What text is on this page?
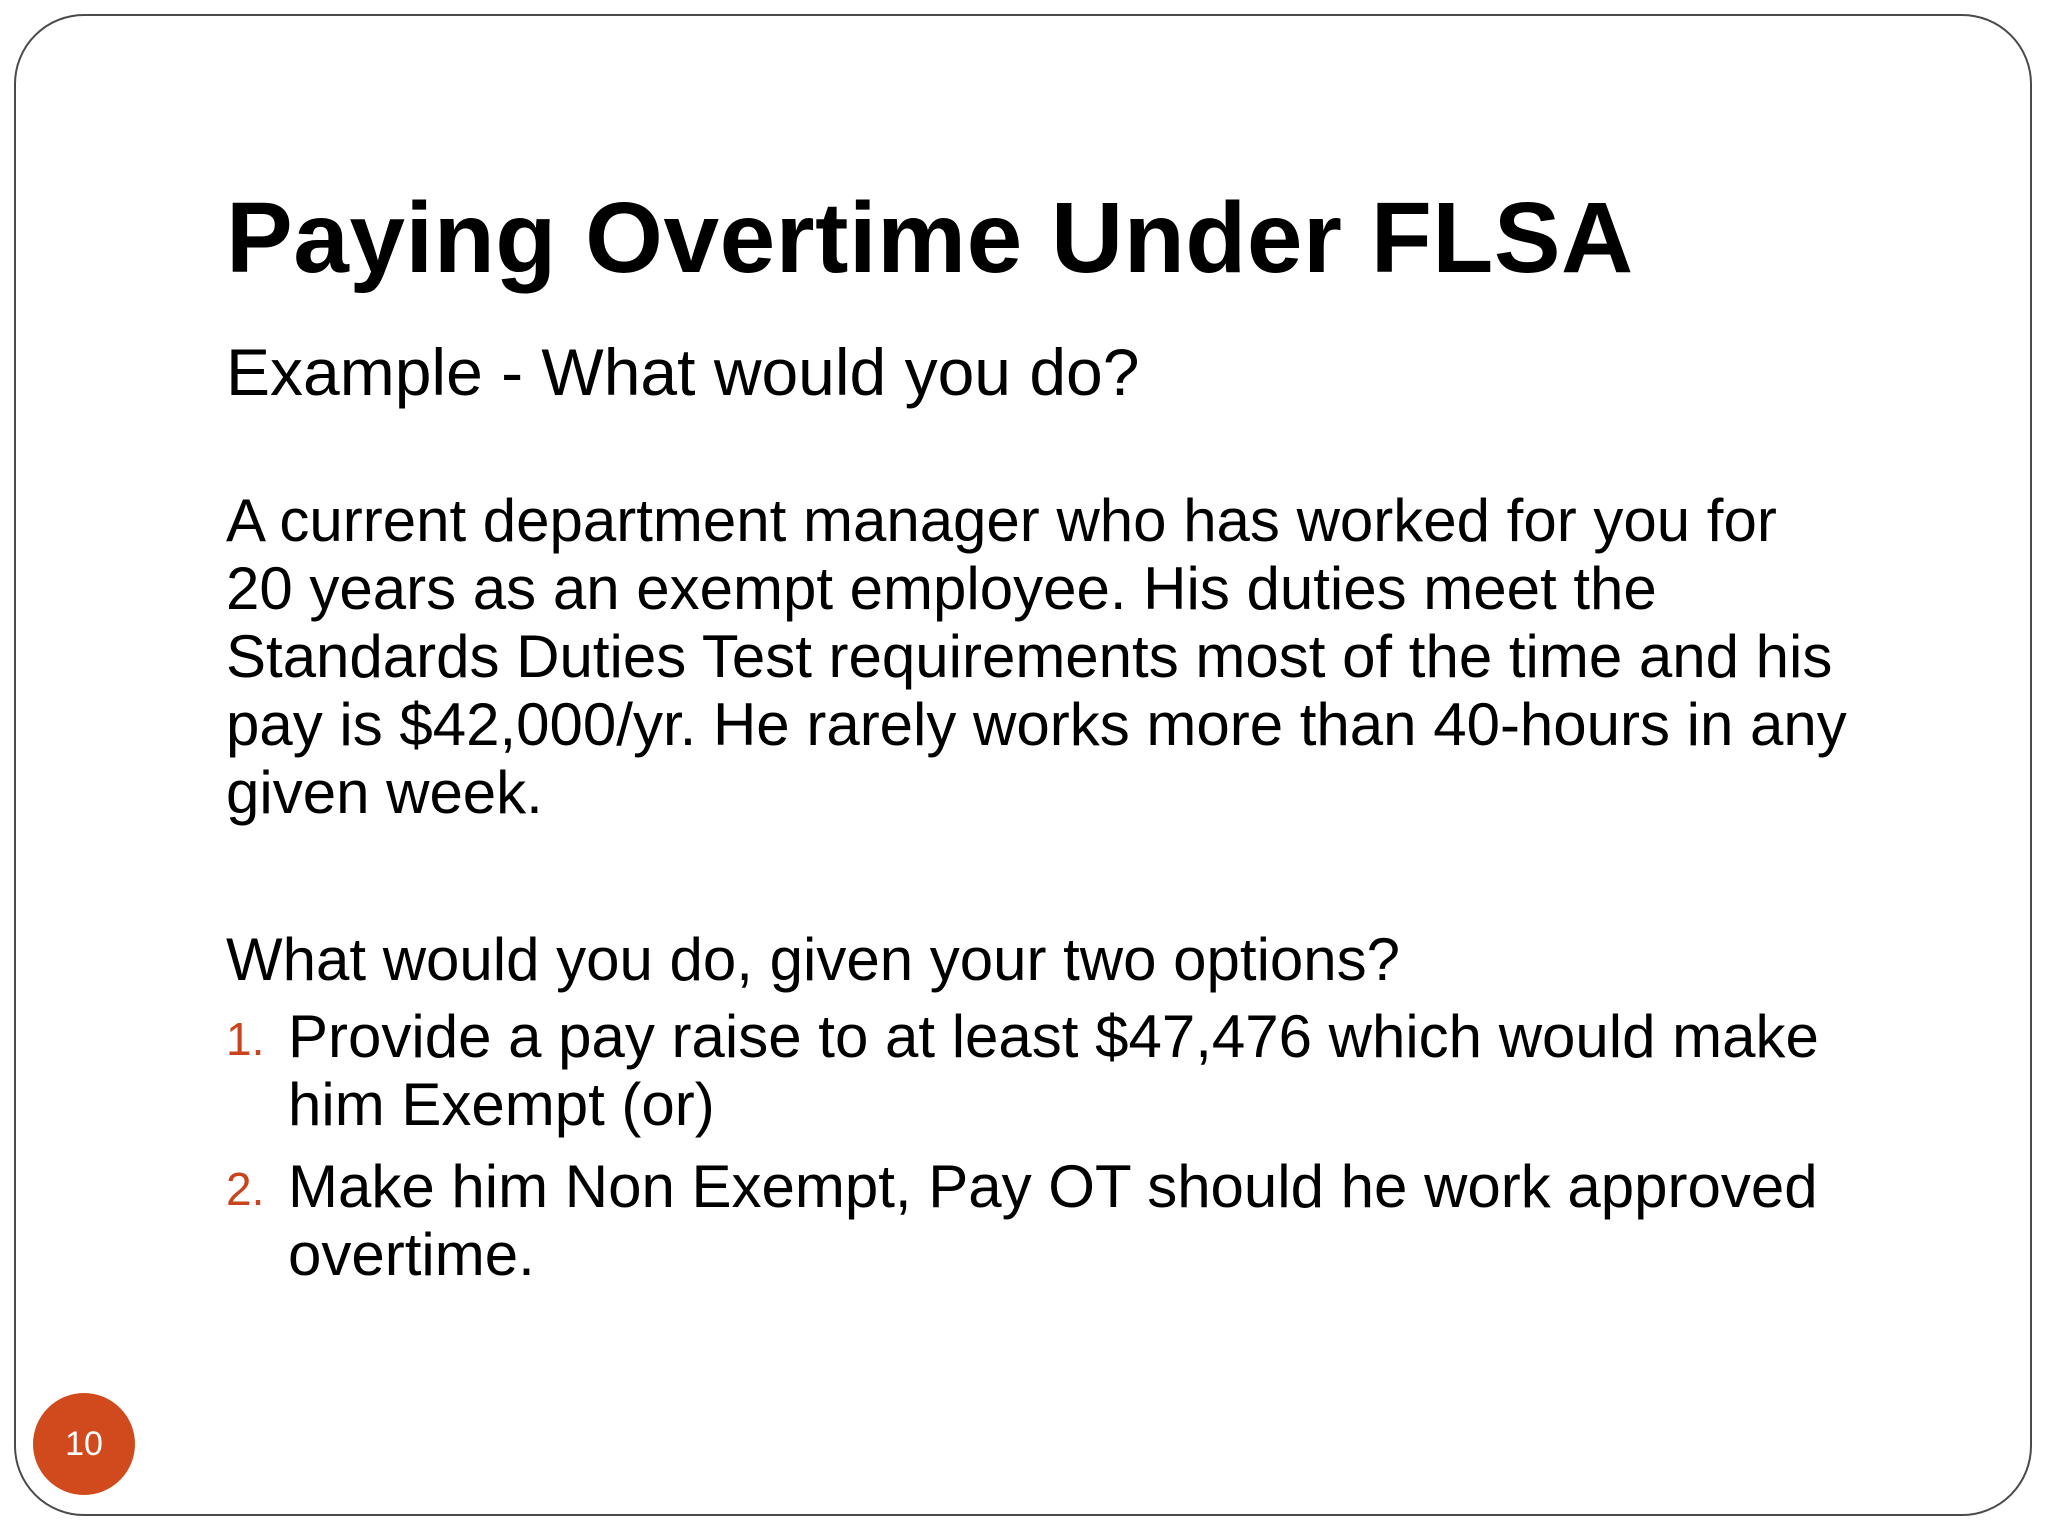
Paying Overtime Under FLSA
Example - What would you do?
A current department manager who has worked for you for
20 years as an exempt employee. His duties meet the
Standards Duties Test requirements most of the time and his
pay is $42,000/yr. He rarely works more than 40-hours in any
given week.
What would you do, given your two options?
1. Provide a pay raise to at least $47,476 which would make
him Exempt (or)
2. Make him Non Exempt, Pay OT should he work approved
overtime.
10
